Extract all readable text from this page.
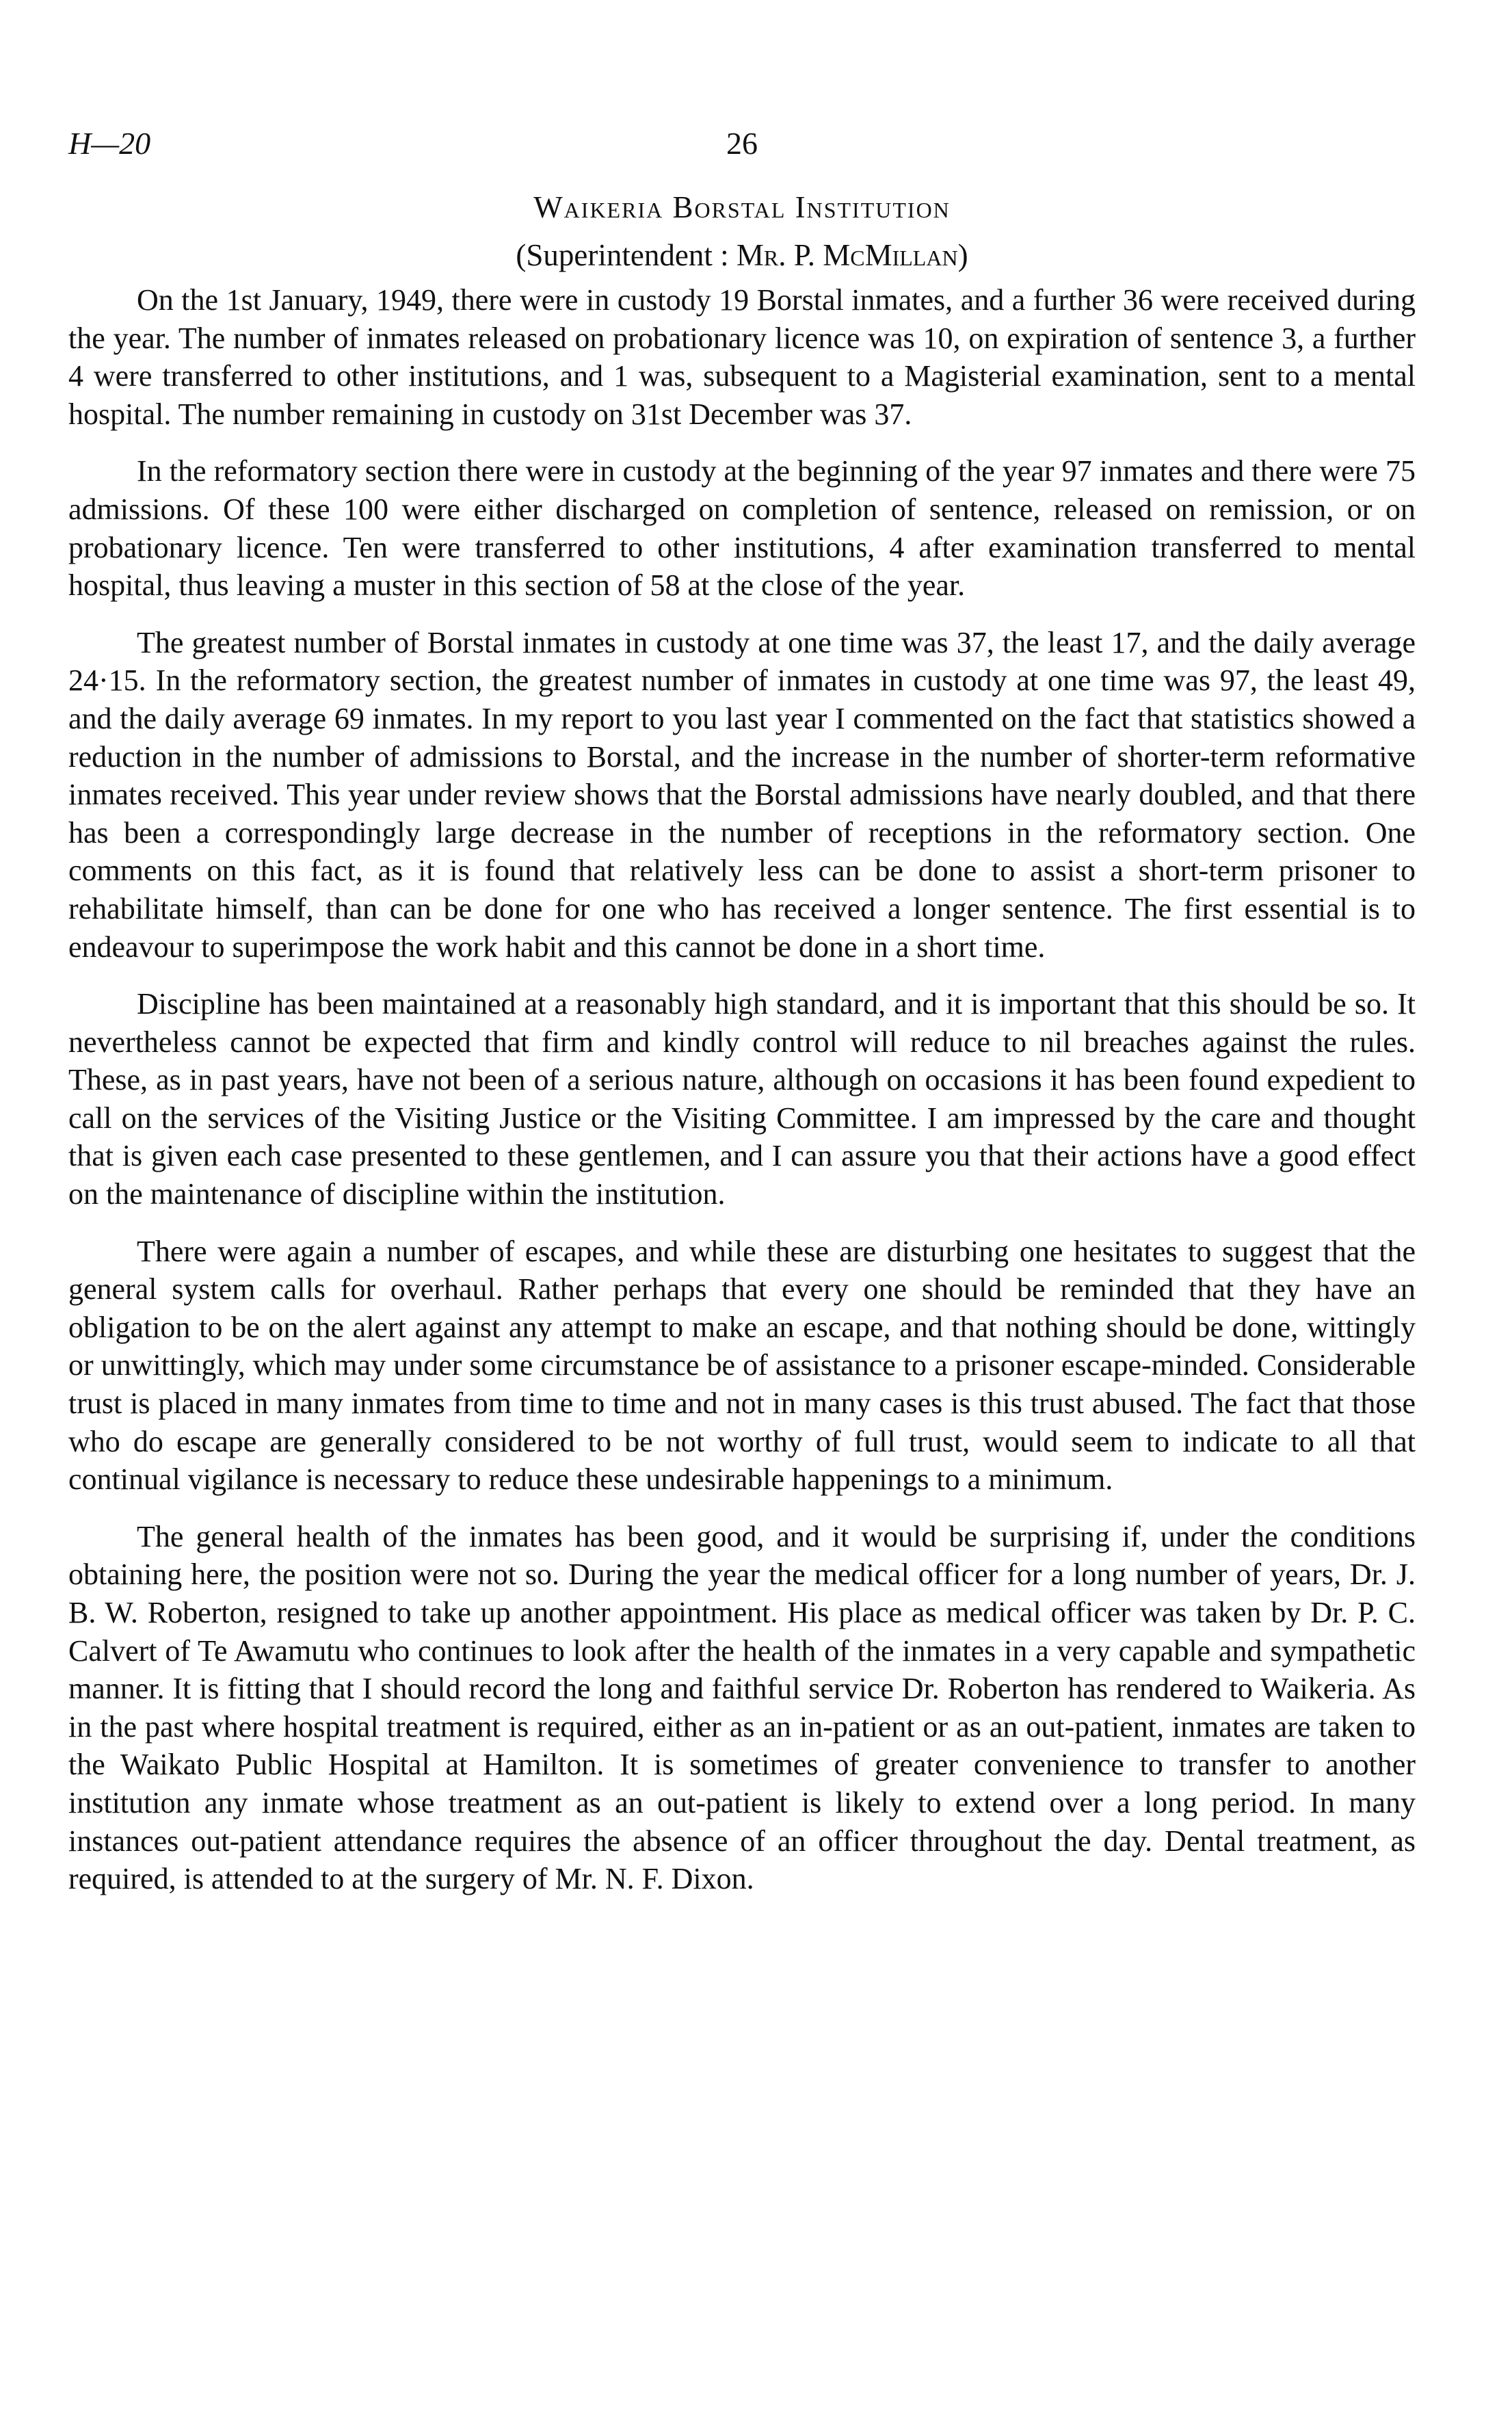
H—20	26
Waikeria Borstal Institution
(Superintendent : Mr. P. McMillan)

On the 1st January, 1949, there were in custody 19 Borstal inmates, and a further 36 were received during the year. The number of inmates released on probationary licence was 10, on expiration of sentence 3, a further 4 were transferred to other institutions, and 1 was, subsequent to a Magisterial examination, sent to a mental hospital. The number remaining in custody on 31st December was 37.

In the reformatory section there were in custody at the beginning of the year 97 inmates and there were 75 admissions. Of these 100 were either discharged on completion of sentence, released on remission, or on probationary licence. Ten were transferred to other institutions, 4 after examination transferred to mental hospital, thus leaving a muster in this section of 58 at the close of the year.

The greatest number of Borstal inmates in custody at one time was 37, the least 17, and the daily average 24·15. In the reformatory section, the greatest number of inmates in custody at one time was 97, the least 49, and the daily average 69 inmates. In my report to you last year I commented on the fact that statistics showed a reduction in the number of admissions to Borstal, and the increase in the number of shorter-term reformative inmates received. This year under review shows that the Borstal admissions have nearly doubled, and that there has been a correspondingly large decrease in the number of receptions in the reformatory section. One comments on this fact, as it is found that relatively less can be done to assist a short-term prisoner to rehabilitate himself, than can be done for one who has received a longer sentence. The first essential is to endeavour to superimpose the work habit and this cannot be done in a short time.

Discipline has been maintained at a reasonably high standard, and it is important that this should be so. It nevertheless cannot be expected that firm and kindly control will reduce to nil breaches against the rules. These, as in past years, have not been of a serious nature, although on occasions it has been found expedient to call on the services of the Visiting Justice or the Visiting Committee. I am impressed by the care and thought that is given each case presented to these gentlemen, and I can assure you that their actions have a good effect on the maintenance of discipline within the institution.

There were again a number of escapes, and while these are disturbing one hesitates to suggest that the general system calls for overhaul. Rather perhaps that every one should be reminded that they have an obligation to be on the alert against any attempt to make an escape, and that nothing should be done, wittingly or unwittingly, which may under some circumstance be of assistance to a prisoner escape-minded. Considerable trust is placed in many inmates from time to time and not in many cases is this trust abused. The fact that those who do escape are generally considered to be not worthy of full trust, would seem to indicate to all that continual vigilance is necessary to reduce these undesirable happenings to a minimum.

The general health of the inmates has been good, and it would be surprising if, under the conditions obtaining here, the position were not so. During the year the medical officer for a long number of years, Dr. J. B. W. Roberton, resigned to take up another appointment. His place as medical officer was taken by Dr. P. C. Calvert of Te Awamutu who continues to look after the health of the inmates in a very capable and sympathetic manner. It is fitting that I should record the long and faithful service Dr. Roberton has rendered to Waikeria. As in the past where hospital treatment is required, either as an in-patient or as an out-patient, inmates are taken to the Waikato Public Hospital at Hamilton. It is sometimes of greater convenience to transfer to another institution any inmate whose treatment as an out-patient is likely to extend over a long period. In many instances out-patient attendance requires the absence of an officer throughout the day. Dental treatment, as required, is attended to at the surgery of Mr. N. F. Dixon.
